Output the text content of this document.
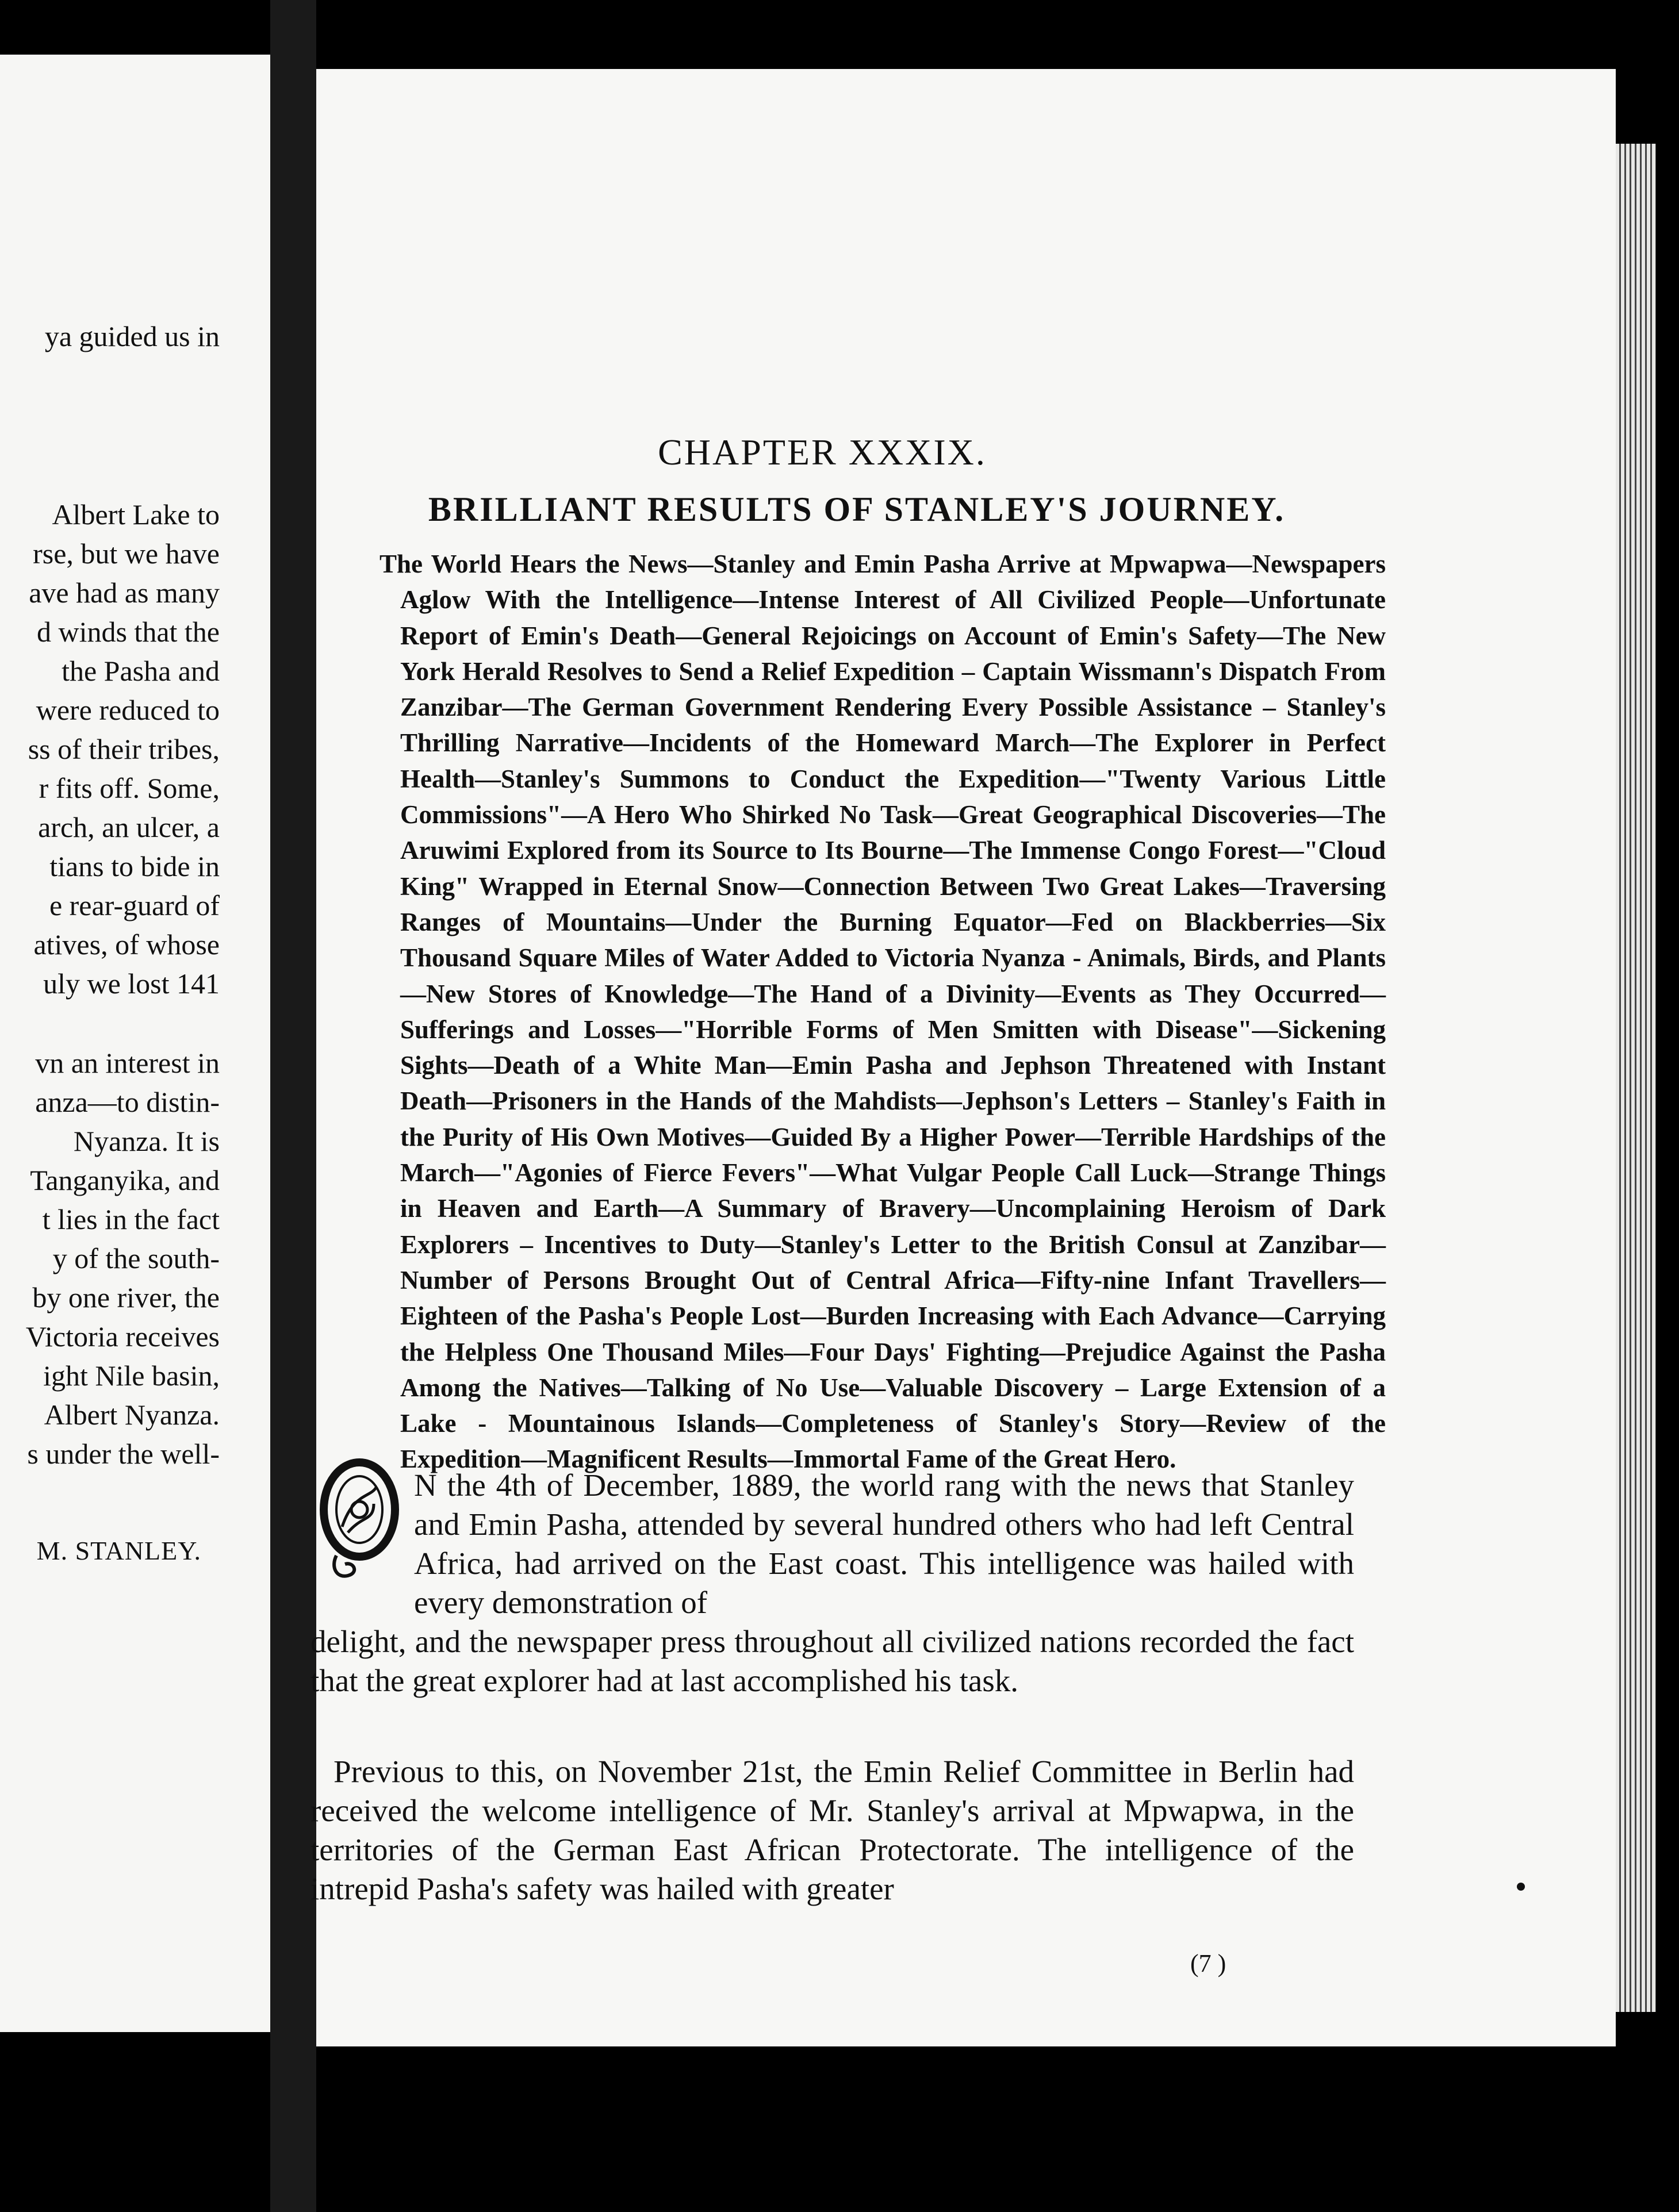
ya guided us in
Albert Lake to
rse, but we have
ave had as many
d winds that the
the Pasha and
were reduced to
ss of their tribes,
r fits off. Some,
arch, an ulcer, a
tians to bide in
e rear-guard of
atives, of whose
uly we lost 141
vn an interest in
anza—to distin-
Nyanza. It is
Tanganyika, and
t lies in the fact
y of the south-
by one river, the
Victoria receives
ight Nile basin,
Albert Nyanza.
s under the well-
M. STANLEY.
CHAPTER XXXIX.
BRILLIANT RESULTS OF STANLEY'S JOURNEY.
The World Hears the News—Stanley and Emin Pasha Arrive at Mpwapwa—Newspapers Aglow With the Intelligence—Intense Interest of All Civilized People—Unfortunate Report of Emin's Death—General Rejoicings on Account of Emin's Safety—The New York Herald Resolves to Send a Relief Expedition – Captain Wissmann's Dispatch From Zanzibar—The German Government Rendering Every Possible Assistance – Stanley's Thrilling Narrative—Incidents of the Homeward March—The Explorer in Perfect Health—Stanley's Summons to Conduct the Expedition—"Twenty Various Little Commissions"—A Hero Who Shirked No Task—Great Geographical Discoveries—The Aruwimi Explored from its Source to Its Bourne—The Immense Congo Forest—"Cloud King" Wrapped in Eternal Snow—Connection Between Two Great Lakes—Traversing Ranges of Mountains—Under the Burning Equator—Fed on Blackberries—Six Thousand Square Miles of Water Added to Victoria Nyanza - Animals, Birds, and Plants—New Stores of Knowledge—The Hand of a Divinity—Events as They Occurred—Sufferings and Losses—"Horrible Forms of Men Smitten with Disease"—Sickening Sights—Death of a White Man—Emin Pasha and Jephson Threatened with Instant Death—Prisoners in the Hands of the Mahdists—Jephson's Letters – Stanley's Faith in the Purity of His Own Motives—Guided By a Higher Power—Terrible Hardships of the March—"Agonies of Fierce Fevers"—What Vulgar People Call Luck—Strange Things in Heaven and Earth—A Summary of Bravery—Uncomplaining Heroism of Dark Explorers – Incentives to Duty—Stanley's Letter to the British Consul at Zanzibar—Number of Persons Brought Out of Central Africa—Fifty-nine Infant Travellers—Eighteen of the Pasha's People Lost—Burden Increasing with Each Advance—Carrying the Helpless One Thousand Miles—Four Days' Fighting—Prejudice Against the Pasha Among the Natives—Talking of No Use—Valuable Discovery – Large Extension of a Lake - Mountainous Islands—Completeness of Stanley's Story—Review of the Expedition—Magnificent Results—Immortal Fame of the Great Hero.
O
N the 4th of December, 1889, the world rang with the news that Stanley and Emin Pasha, attended by several hundred others who had left Central Africa, had arrived on the East coast. This intelligence was hailed with every demonstration of
delight, and the newspaper press throughout all civilized nations recorded the fact that the great explorer had at last accomplished his task.
Previous to this, on November 21st, the Emin Relief Committee in Berlin had received the welcome intelligence of Mr. Stanley's arrival at Mpwapwa, in the territories of the German East African Protectorate. The intelligence of the intrepid Pasha's safety was hailed with greater
(7 )
